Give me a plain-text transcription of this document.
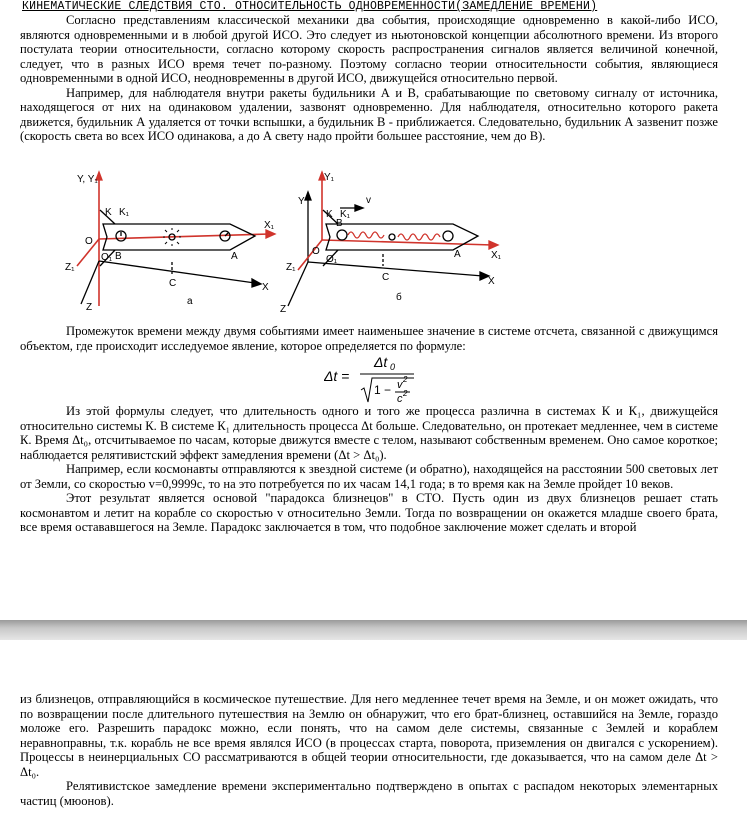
КИНЕМАТИЧЕСКИЕ СЛЕДСТВИЯ СТО. ОТНОСИТЕЛЬНОСТЬ ОДНОВРЕМЕННОСТИ(ЗАМЕДЛЕНИЕ ВРЕМЕНИ)

Согласно представлениям классической механики два события, происходящие одновременно в какой-либо ИСО, являются одновременными и в любой другой ИСО. Это следует из ньютоновской концепции абсолютного времени. Из второго постулата теории относительности, согласно которому скорость распространения сигналов является величиной конечной, следует, что в разных ИСО время течет по-разному. Поэтому согласно теории относительности события, являющиеся одновременными в одной ИСО, неодновременны в другой ИСО, движущейся относительно первой.

Например, для наблюдателя внутри ракеты будильники А и В, срабатывающие по световому сигналу от источника, находящегося от них на одинаковом удалении, зазвонят одновременно. Для наблюдателя, относительно которого ракета движется, будильник А удаляется от точки вспышки, а будильник В - приближается. Следовательно, будильник А зазвенит позже (скорость света во всех ИСО одинакова, а до А свету надо пройти большее расстояние, чем до В).

Y, Y₁
K K₁
O
O₁ B	A
X₁
Z₁
Z
C	X
а
Y₁
Y	v
K K₁
B
O
O₁	A	X₁
Z₁
C	X
Z
б

Промежуток времени между двумя событиями имеет наименьшее значение в системе отсчета, связанной с движущимся объектом, где происходит исследуемое явление, которое определяется по формуле:

Δt =
Δt 0
1 − v 2
c 2

Из этой формулы следует, что длительность одного и того же процесса различна в системах К и К₁, движущейся относительно системы К. В системе К₁ длительность процесса Δt больше. Следовательно, он протекает медленнее, чем в системе К. Время Δt₀, отсчитываемое по часам, которые движутся вместе с телом, называют собственным временем. Оно самое короткое; наблюдается релятивистский эффект замедления времени (Δt > Δt₀).

Например, если космонавты отправляются к звездной системе (и обратно), находящейся на расстоянии 500 световых лет от Земли, со скоростью v=0,9999с, то на это потребуется по их часам 14,1 года; в то время как на Земле пройдет 10 веков.

Этот результат является основой "парадокса близнецов" в СТО. Пусть один из двух близнецов решает стать космонавтом и летит на корабле со скоростью v относительно Земли. Тогда по возвращении он окажется младше своего брата, все время остававшегося на Земле. Парадокс заключается в том, что подобное заключение может сделать и второй

из близнецов, отправляющийся в космическое путешествие. Для него медленнее течет время на Земле, и он может ожидать, что по возвращении после длительного путешествия на Землю он обнаружит, что его брат-близнец, оставшийся на Земле, гораздо моложе его. Разрешить парадокс можно, если понять, что на самом деле системы, связанные с Землей и кораблем неравноправны, т.к. корабль не все время являлся ИСО (в процессах старта, поворота, приземления он двигался с ускорением). Процессы в неинерциальных СО рассматриваются в общей теории относительности, где доказывается, что на самом деле Δt > Δt₀.

Релятивистское замедление времени экспериментально подтверждено в опытах с распадом некоторых элементарных частиц (мюонов).
